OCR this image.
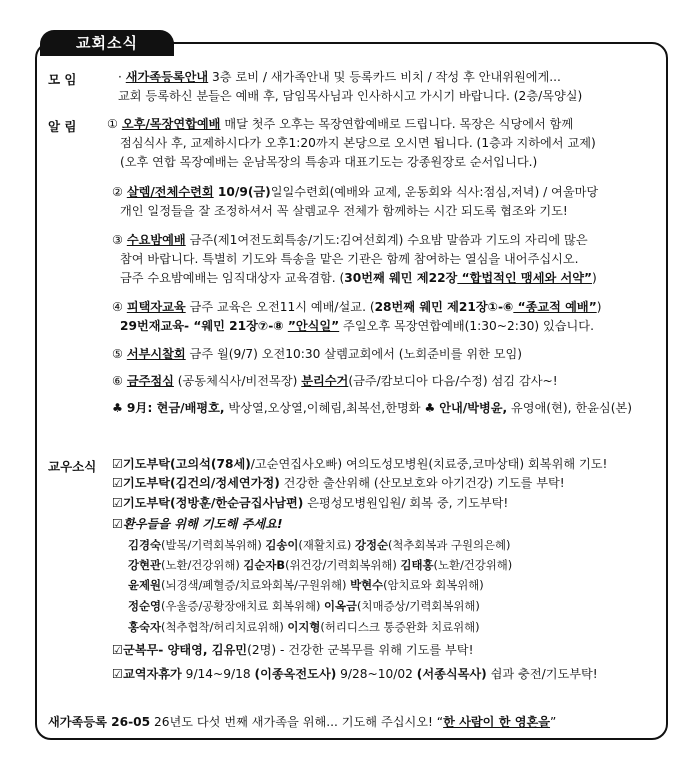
교회소식
모 임	· 새가족등록안내 3층 로비 / 새가족안내 및 등록카드 비치 / 작성 후 안내위원에게...
교회 등록하신 분들은 예배 후, 담임목사님과 인사하시고 가시기 바랍니다. (2층/목양실)
알 림 ① 오후/목장연합예배 매달 첫주 오후는 목장연합예배로 드립니다. 목장은 식당에서 함께
점심식사 후, 교제하시다가 오후1:20까지 본당으로 오시면 됩니다. (1층과 지하에서 교제)
(오후 연합 목장예배는 운남목장의 특송과 대표기도는 강종원장로 순서입니다.)
② 살렘/전체수련회 10/9(금)일일수련회(예배와 교제, 운동회와 식사:점심,저녁) / 여울마당
개인 일정들을 잘 조정하셔서 꼭 살렘교우 전체가 함께하는 시간 되도록 협조와 기도!
③ 수요밤예배 금주(제1여전도회특송/기도:김여선회계) 수요밤 말씀과 기도의 자리에 많은
참여 바랍니다. 특별히 기도와 특송을 맡은 기관은 함께 참여하는 열심을 내어주십시오.
금주 수요밤예배는 임직대상자 교육겸함. (30번째 웨민 제22장 “합법적인 맹세와 서약”)
④ 피택자교육 금주 교육은 오전11시 예배/설교. (28번째 웨민 제21장①-⑥ “종교적 예배”)
29번재교육- “웨민 21장⑦-⑧ ”안식일” 주일오후 목장연합예배(1:30~2:30) 있습니다.
⑤ 서부시찰회 금주 월(9/7) 오전10:30 살렘교회에서 (노회준비를 위한 모임)
⑥ 금주점심 (공동체식사/비전목장) 분리수거(금주/캄보디아 다음/수정) 섬김 감사~!
♣ 9月: 현금/배평호, 박상열,오상열,이혜림,최복선,한명화 ♣ 안내/박병윤, 유영애(현), 한윤심(본)
교우소식 ☑기도부탁(고의석(78세)/고순연집사오빠) 여의도성모병원(치료중,코마상태) 회복위해 기도!
☑기도부탁(김건의/정세연가정) 건강한 출산위해 (산모보호와 아기건강) 기도를 부탁!
☑기도부탁(정방훈/한순금집사남편) 은평성모병원입원/ 회복 중, 기도부탁!
☑환우들을 위해 기도해 주세요!
김경숙(발목/기력회복위해) 김송이(재활치료) 강정순(척추회복과 구원의은혜)
강현관(노환/건강위해) 김순자B(위건강/기력회복위해) 김태홍(노환/건강위해)
윤제원(뇌경색/폐혈증/치료와회복/구원위해) 박현수(암치료와 회복위해)
정순영(우울증/공황장애치료 회복위해) 이옥금(치매증상/기력회복위해)
홍숙자(척추협착/허리치료위해) 이지형(허리디스크 통증완화 치료위해)
☑군복무- 양태영, 김유민(2명) - 건강한 군복무를 위해 기도를 부탁!
☑교역자휴가 9/14~9/18 (이종옥전도사) 9/28~10/02 (서종식목사) 쉼과 충전/기도부탁!
새가족등록 26-05 26년도 다섯 번째 새가족을 위해... 기도해 주십시오! “한 사람이 한 영혼을”
